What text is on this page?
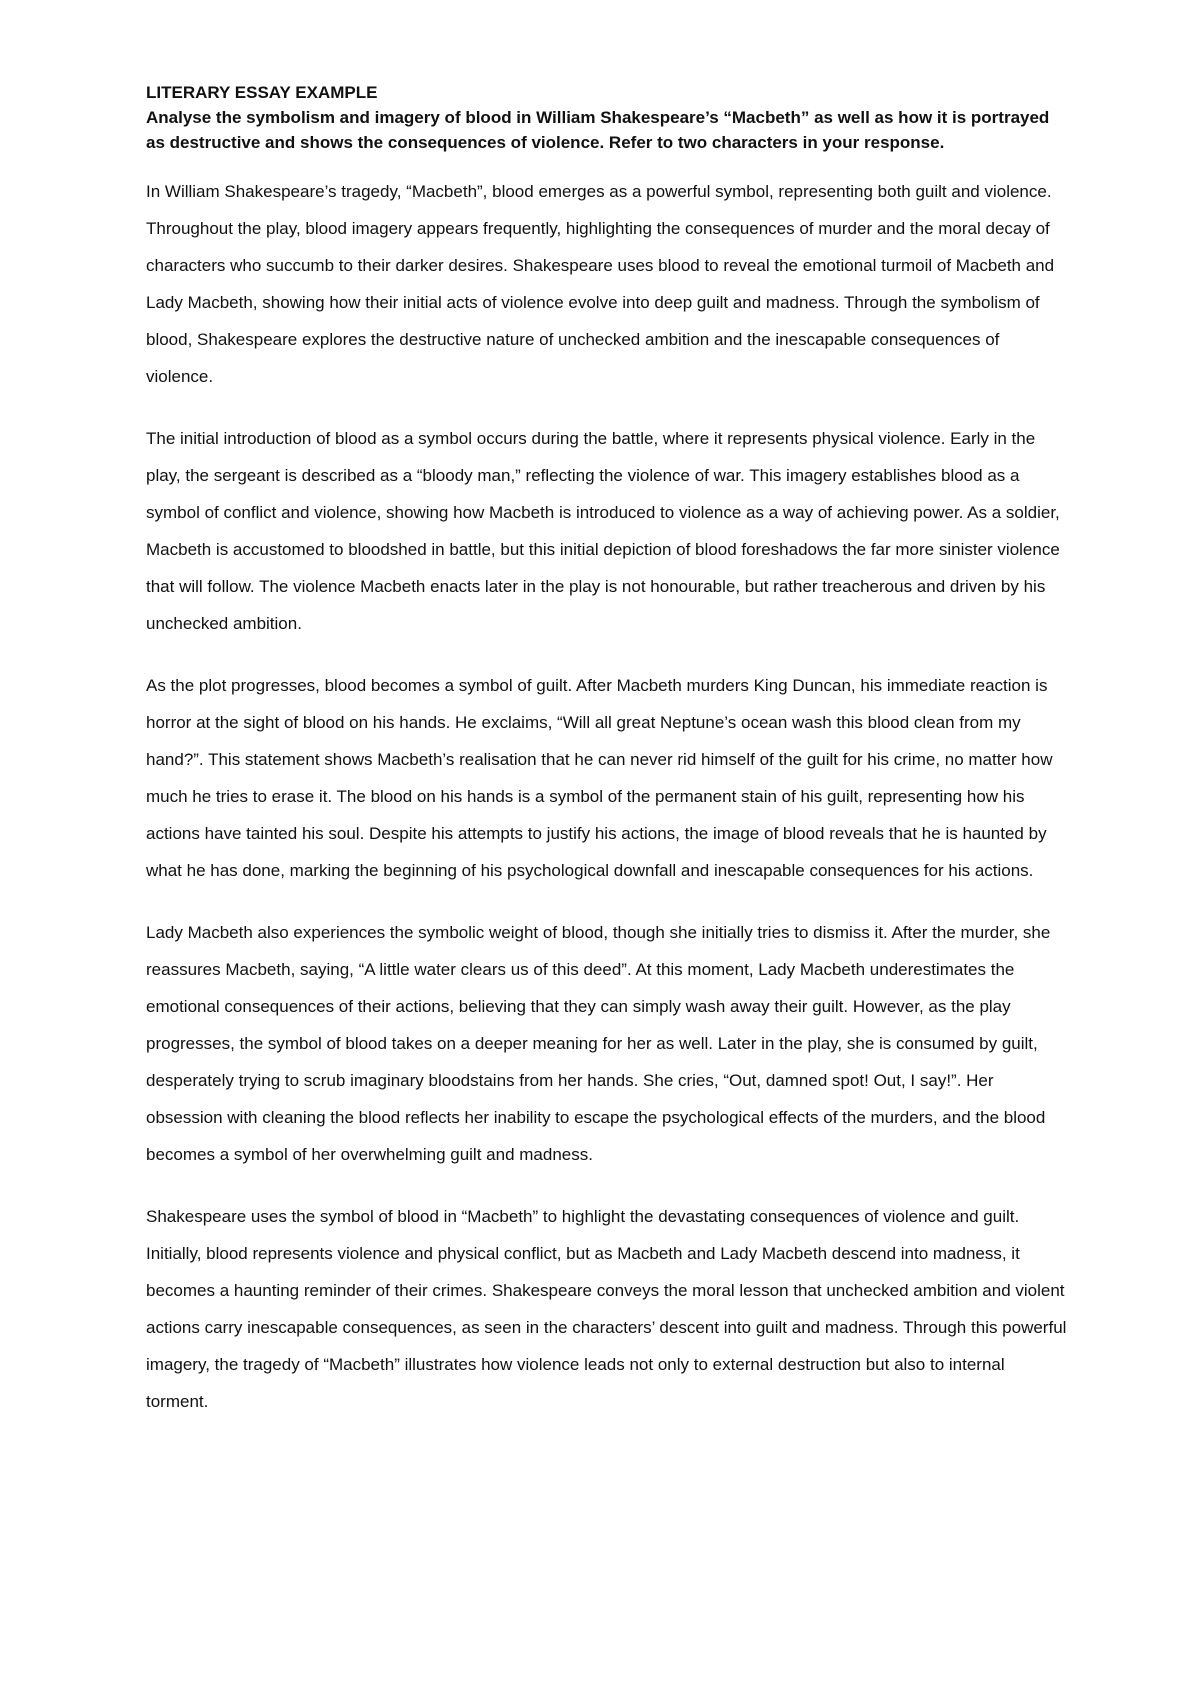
LITERARY ESSAY EXAMPLE

Analyse the symbolism and imagery of blood in William Shakespeare’s “Macbeth” as well as how it is portrayed as destructive and shows the consequences of violence. Refer to two characters in your response.

In William Shakespeare’s tragedy, “Macbeth”, blood emerges as a powerful symbol, representing both guilt and violence. Throughout the play, blood imagery appears frequently, highlighting the consequences of murder and the moral decay of characters who succumb to their darker desires. Shakespeare uses blood to reveal the emotional turmoil of Macbeth and Lady Macbeth, showing how their initial acts of violence evolve into deep guilt and madness. Through the symbolism of blood, Shakespeare explores the destructive nature of unchecked ambition and the inescapable consequences of violence.

The initial introduction of blood as a symbol occurs during the battle, where it represents physical violence. Early in the play, the sergeant is described as a “bloody man,” reflecting the violence of war. This imagery establishes blood as a symbol of conflict and violence, showing how Macbeth is introduced to violence as a way of achieving power. As a soldier, Macbeth is accustomed to bloodshed in battle, but this initial depiction of blood foreshadows the far more sinister violence that will follow. The violence Macbeth enacts later in the play is not honourable, but rather treacherous and driven by his unchecked ambition.

As the plot progresses, blood becomes a symbol of guilt. After Macbeth murders King Duncan, his immediate reaction is horror at the sight of blood on his hands. He exclaims, “Will all great Neptune’s ocean wash this blood clean from my hand?”. This statement shows Macbeth’s realisation that he can never rid himself of the guilt for his crime, no matter how much he tries to erase it. The blood on his hands is a symbol of the permanent stain of his guilt, representing how his actions have tainted his soul. Despite his attempts to justify his actions, the image of blood reveals that he is haunted by what he has done, marking the beginning of his psychological downfall and inescapable consequences for his actions.

Lady Macbeth also experiences the symbolic weight of blood, though she initially tries to dismiss it. After the murder, she reassures Macbeth, saying, “A little water clears us of this deed”. At this moment, Lady Macbeth underestimates the emotional consequences of their actions, believing that they can simply wash away their guilt. However, as the play progresses, the symbol of blood takes on a deeper meaning for her as well. Later in the play, she is consumed by guilt, desperately trying to scrub imaginary bloodstains from her hands. She cries, “Out, damned spot! Out, I say!”. Her obsession with cleaning the blood reflects her inability to escape the psychological effects of the murders, and the blood becomes a symbol of her overwhelming guilt and madness.

Shakespeare uses the symbol of blood in “Macbeth” to highlight the devastating consequences of violence and guilt. Initially, blood represents violence and physical conflict, but as Macbeth and Lady Macbeth descend into madness, it becomes a haunting reminder of their crimes. Shakespeare conveys the moral lesson that unchecked ambition and violent actions carry inescapable consequences, as seen in the characters’ descent into guilt and madness. Through this powerful imagery, the tragedy of “Macbeth” illustrates how violence leads not only to external destruction but also to internal torment.
